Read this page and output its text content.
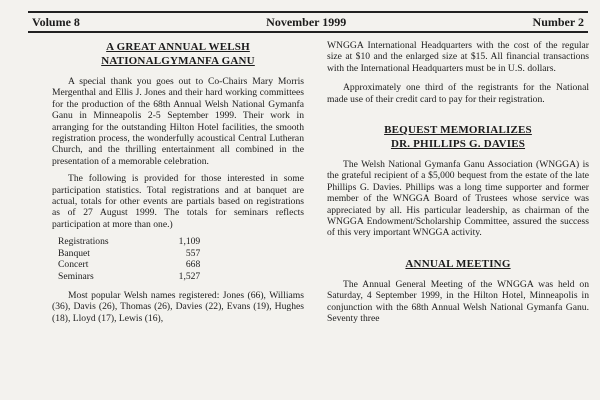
Volume 8	November 1999	Number 2
A GREAT ANNUAL WELSH
NATIONALGYMANFA GANU

A special thank you goes out to Co-Chairs Mary Morris Mergenthal and Ellis J. Jones and their hard working committees for the production of the 68th Annual Welsh National Gymanfa Ganu in Minneapolis 2-5 September 1999. Their work in arranging for the outstanding Hilton Hotel facilities, the smooth registration process, the wonderfully acoustical Central Lutheran Church, and the thrilling entertainment all combined in the presentation of a memorable celebration.

The following is provided for those interested in some participation statistics. Total registrations and at banquet are actual, totals for other events are partials based on registrations as of 27 August 1999. The totals for seminars reflects participation at more than one.)

Registrations	1,109
Banquet	557
Concert	668
Seminars	1,527

Most popular Welsh names registered: Jones (66), Williams (36), Davis (26), Thomas (26), Davies (22), Evans (19), Hughes (18), Lloyd (17), Lewis (16),

WNGGA International Headquarters with the cost of the regular size at $10 and the enlarged size at $15. All financial transactions with the International Headquarters must be in U.S. dollars.

Approximately one third of the registrants for the National made use of their credit card to pay for their registration.

BEQUEST MEMORIALIZES
DR. PHILLIPS G. DAVIES

The Welsh National Gymanfa Ganu Association (WNGGA) is the grateful recipient of a $5,000 bequest from the estate of the late Phillips G. Davies. Phillips was a long time supporter and former member of the WNGGA Board of Trustees whose service was appreciated by all. His particular leadership, as chairman of the WNGGA Endowment/Scholarship Committee, assured the success of this very important WNGGA activity.

ANNUAL MEETING

The Annual General Meeting of the WNGGA was held on Saturday, 4 September 1999, in the Hilton Hotel, Minneapolis in conjunction with the 68th Annual Welsh National Gymanfa Ganu. Seventy three
